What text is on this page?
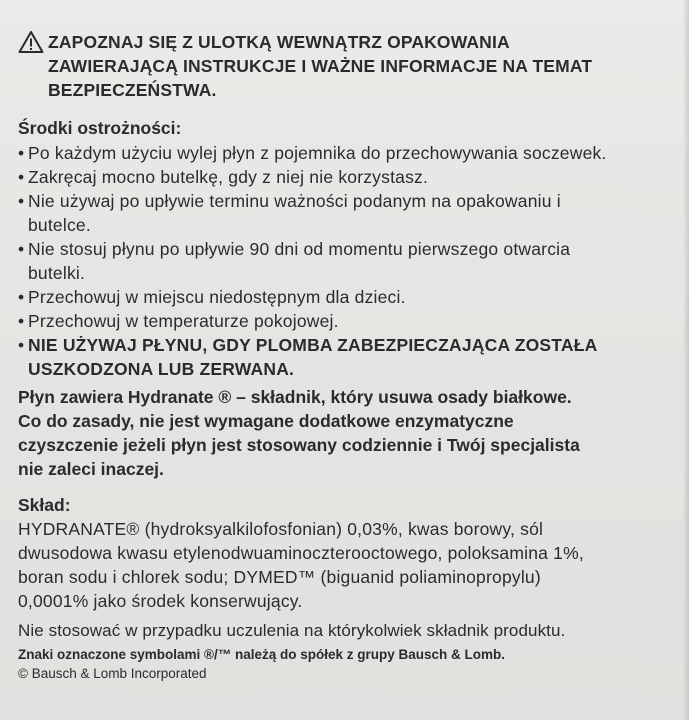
ZAPOZNAJ SIĘ Z ULOTKĄ WEWNĄTRZ OPAKOWANIA
ZAWIERAJĄCĄ INSTRUKCJE I WAŻNE INFORMACJE NA TEMAT
BEZPIECZEŃSTWA.
Środki ostrożności:
• Po każdym użyciu wylej płyn z pojemnika do przechowywania soczewek.
• Zakręcaj mocno butelkę, gdy z niej nie korzystasz.
• Nie używaj po upływie terminu ważności podanym na opakowaniu i
butelce.
• Nie stosuj płynu po upływie 90 dni od momentu pierwszego otwarcia
butelki.
• Przechowuj w miejscu niedostępnym dla dzieci.
• Przechowuj w temperaturze pokojowej.
• NIE UŻYWAJ PŁYNU, GDY PLOMBA ZABEZPIECZAJĄCA ZOSTAŁA
USZKODZONA LUB ZERWANA.
Płyn zawiera Hydranate ® – składnik, który usuwa osady białkowe.
Co do zasady, nie jest wymagane dodatkowe enzymatyczne
czyszczenie jeżeli płyn jest stosowany codziennie i Twój specjalista
nie zaleci inaczej.
Skład:
HYDRANATE® (hydroksyalkilofosfonian) 0,03%, kwas borowy, sól
dwusodowa kwasu etylenodwuaminoczterooctowego, poloksamina 1%,
boran sodu i chlorek sodu; DYMED™ (biguanid poliaminopropylu)
0,0001% jako środek konserwujący.
Nie stosować w przypadku uczulenia na którykolwiek składnik produktu.
Znaki oznaczone symbolami ®/™ należą do spółek z grupy Bausch & Lomb.
© Bausch & Lomb Incorporated
